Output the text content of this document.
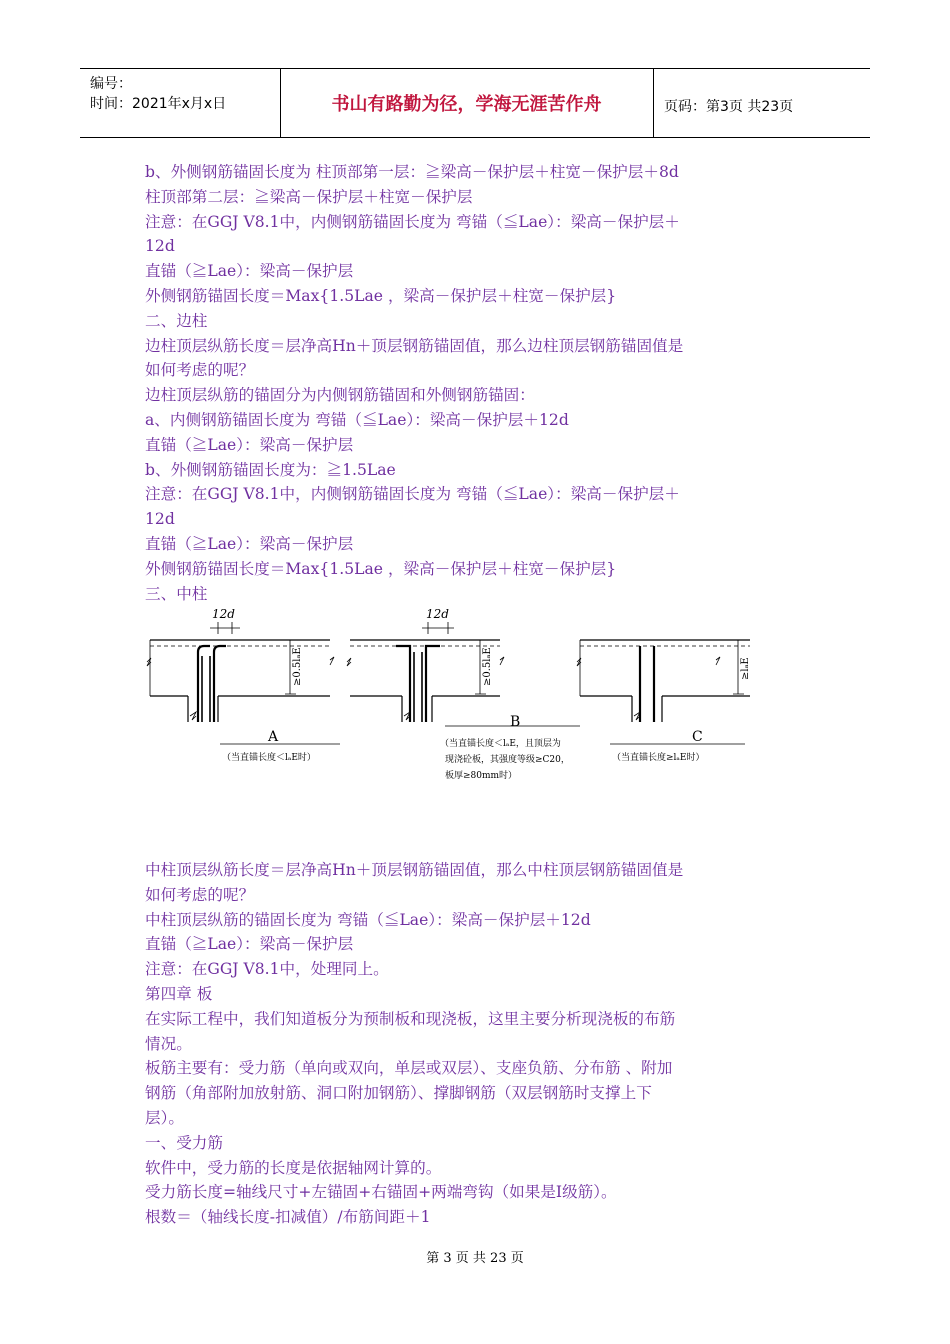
编号：
时间：2021年x月x日	书山有路勤为径，学海无涯苦作舟	页码：第3页 共23页

b、外侧钢筋锚固长度为 柱顶部第一层：≧梁高－保护层＋柱宽－保护层＋8d

柱顶部第二层：≧梁高－保护层＋柱宽－保护层

注意：在GGJ V8.1中，内侧钢筋锚固长度为 弯锚（≦Lae）：梁高－保护层＋

12d

直锚（≧Lae）：梁高－保护层

外侧钢筋锚固长度＝Max{1.5Lae ，梁高－保护层＋柱宽－保护层}

二、边柱

边柱顶层纵筋长度＝层净高Hn＋顶层钢筋锚固值，那么边柱顶层钢筋锚固值是

如何考虑的呢？

边柱顶层纵筋的锚固分为内侧钢筋锚固和外侧钢筋锚固：

a、内侧钢筋锚固长度为 弯锚（≦Lae）：梁高－保护层＋12d

直锚（≧Lae）：梁高－保护层

b、外侧钢筋锚固长度为：≧1.5Lae

注意：在GGJ V8.1中，内侧钢筋锚固长度为 弯锚（≦Lae）：梁高－保护层＋

12d

直锚（≧Lae）：梁高－保护层

外侧钢筋锚固长度＝Max{1.5Lae ，梁高－保护层＋柱宽－保护层}

三、中柱

12d	12d
≥0.5lₐE	≥0.5lₐE	≥lₐE
A
B
C
（当直锚长度＜lₐE时）
（当直锚长度＜lₐE，且顶层为
现浇砼板，其强度等级≥C20，
板厚≥80mm时）
（当直锚长度≥lₐE时）

中柱顶层纵筋长度＝层净高Hn＋顶层钢筋锚固值，那么中柱顶层钢筋锚固值是

如何考虑的呢？

中柱顶层纵筋的锚固长度为 弯锚（≦Lae）：梁高－保护层＋12d

直锚（≧Lae）：梁高－保护层

注意：在GGJ V8.1中，处理同上。

第四章 板

在实际工程中，我们知道板分为预制板和现浇板，这里主要分析现浇板的布筋

情况。

板筋主要有：受力筋（单向或双向，单层或双层）、支座负筋、分布筋 、附加

钢筋（角部附加放射筋、洞口附加钢筋）、撑脚钢筋（双层钢筋时支撑上下

层）。

一、受力筋

软件中，受力筋的长度是依据轴网计算的。

受力筋长度=轴线尺寸+左锚固+右锚固+两端弯钩（如果是Ⅰ级筋）。

根数＝（轴线长度-扣减值）/布筋间距＋1

第 3 页 共 23 页
